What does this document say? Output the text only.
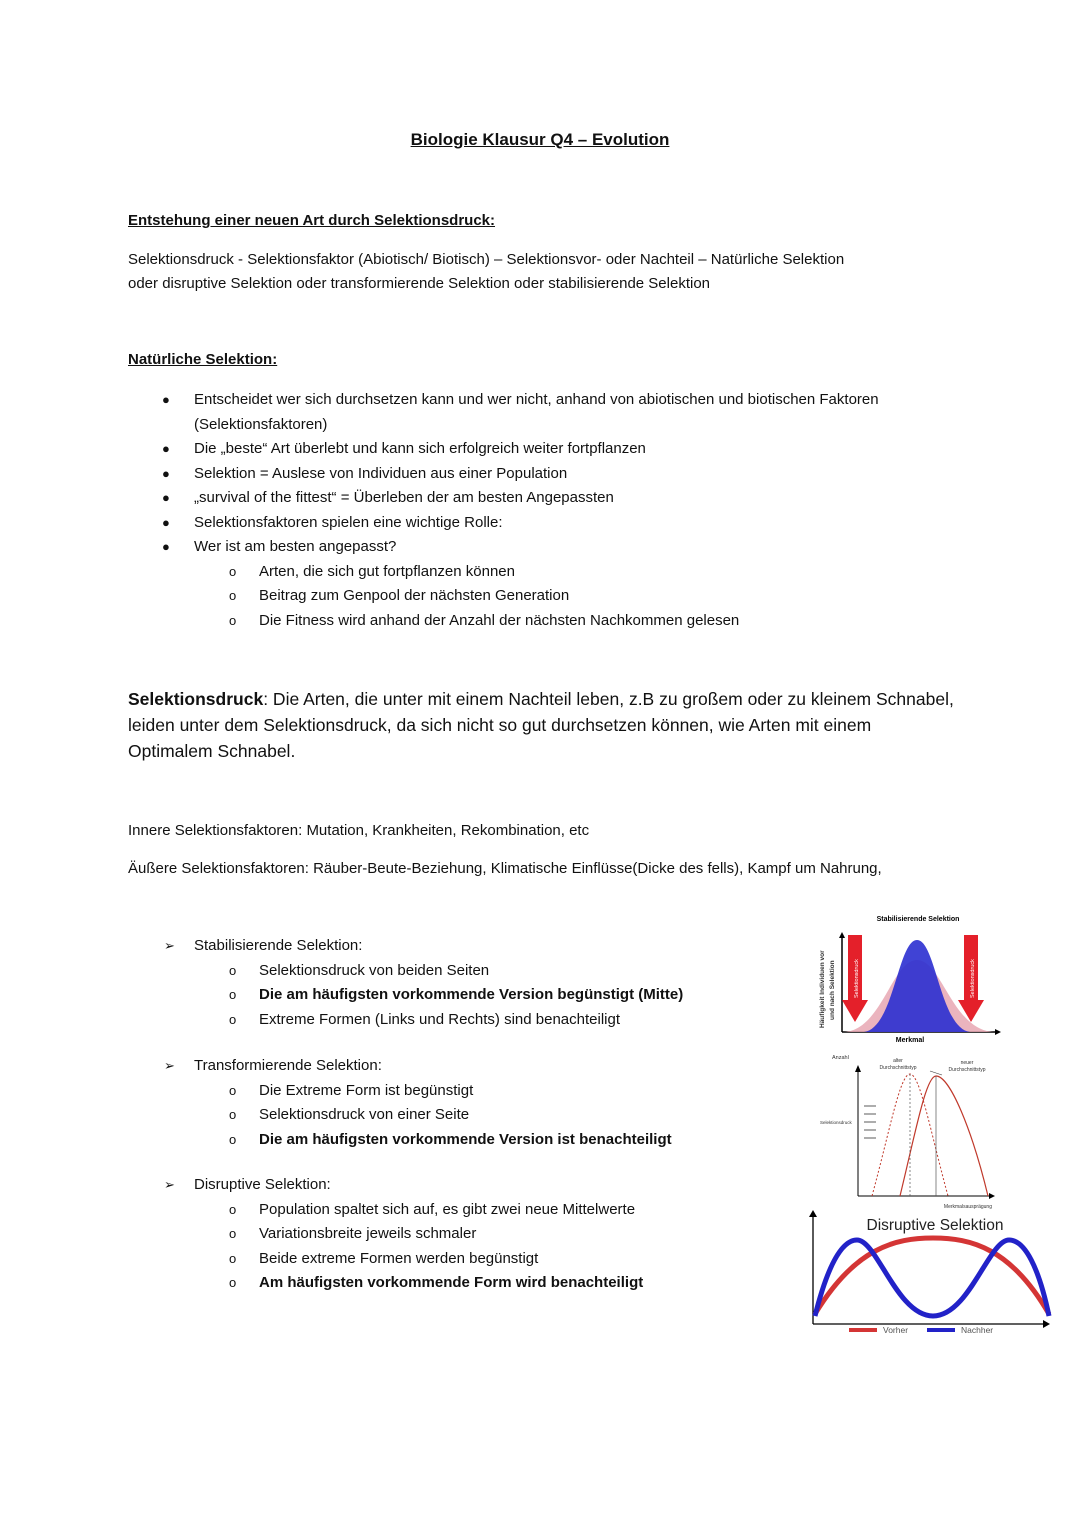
Biologie Klausur Q4 – Evolution
Entstehung einer neuen Art durch Selektionsdruck:
Selektionsdruck - Selektionsfaktor (Abiotisch/ Biotisch) – Selektionsvor- oder Nachteil – Natürliche Selektion
oder disruptive Selektion oder transformierende Selektion oder stabilisierende Selektion
Natürliche Selektion:
● Entscheidet wer sich durchsetzen kann und wer nicht, anhand von abiotischen und biotischen Faktoren
(Selektionsfaktoren)
● Die „beste“ Art überlebt und kann sich erfolgreich weiter fortpflanzen
● Selektion = Auslese von Individuen aus einer Population
● „survival of the fittest“ = Überleben der am besten Angepassten
● Selektionsfaktoren spielen eine wichtige Rolle:
● Wer ist am besten angepasst?
o Arten, die sich gut fortpflanzen können
o Beitrag zum Genpool der nächsten Generation
o Die Fitness wird anhand der Anzahl der nächsten Nachkommen gelesen
Selektionsdruck: Die Arten, die unter mit einem Nachteil leben, z.B zu großem oder zu kleinem Schnabel, leiden unter dem Selektionsdruck, da sich nicht so gut durchsetzen können, wie Arten mit einem Optimalem Schnabel.
Innere Selektionsfaktoren: Mutation, Krankheiten, Rekombination, etc
Äußere Selektionsfaktoren: Räuber-Beute-Beziehung, Klimatische Einflüsse(Dicke des fells), Kampf um Nahrung,
➢ Stabilisierende Selektion:
o Selektionsdruck von beiden Seiten
o Die am häufigsten vorkommende Version begünstigt (Mitte)
o Extreme Formen (Links und Rechts) sind benachteiligt
➢ Transformierende Selektion:
o Die Extreme Form ist begünstigt
o Selektionsdruck von einer Seite
o Die am häufigsten vorkommende Version ist benachteiligt
➢ Disruptive Selektion:
o Population spaltet sich auf, es gibt zwei neue Mittelwerte
o Variationsbreite jeweils schmaler
o Beide extreme Formen werden begünstigt
o Am häufigsten vorkommende Form wird benachteiligt
Stabilisierende Selektion
Häufigkeit Individuen vor und nach Selektion	Selektionsdruck	Selektionsdruck
Merkmal
Anzahl	alter
Durchschnittstyp
neuer
Durchschnittstyp
Selektionsdruck
Merkmalsausprägung
Disruptive Selektion
Vorher	Nachher
